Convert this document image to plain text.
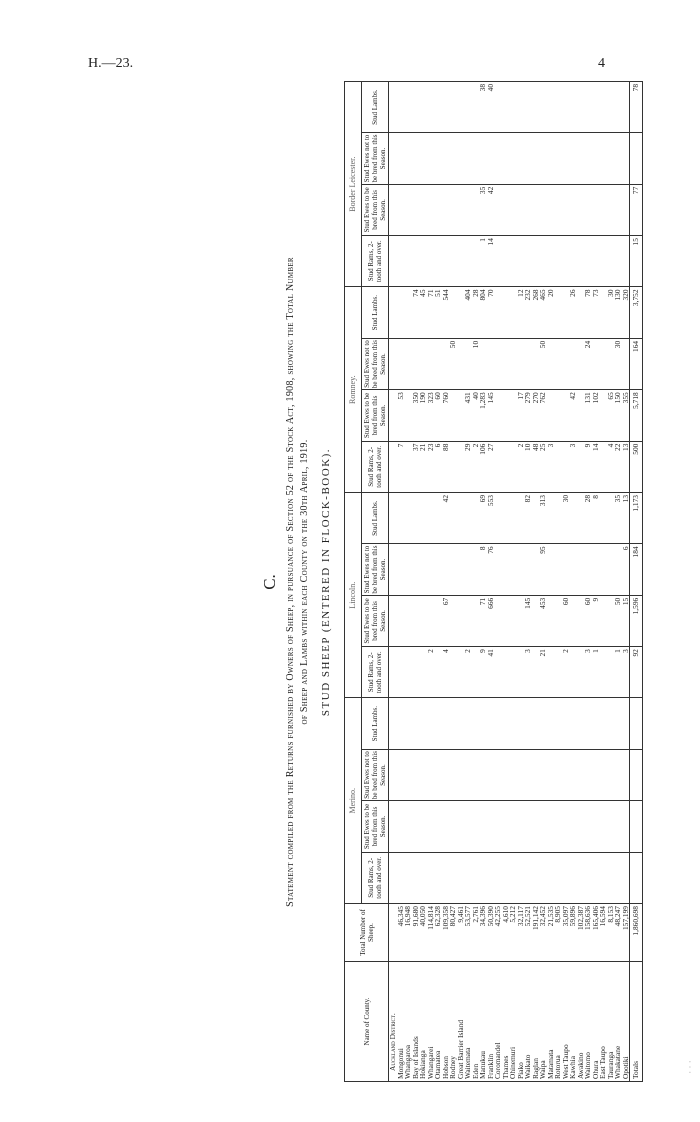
H.—23.	4
C. Statement compiled from the Returns furnished by Owners of Sheep, in pursuance of Section 52 of the Stock Act, 1908, showing the Total Number of Sheep and Lambs within each County on the 30th April, 1919. STUD SHEEP (ENTERED IN FLOCK-BOOK).
Name of County.	Total Number of Sheep.	Merino.				Lincoln.				Romney.				Border Leicester.			
		Stud Rams, 2-tooth and over.	Stud Ewes to be bred from this Season.	Stud Ewes not to be bred from this Season.	Stud Lambs.	Stud Rams, 2-tooth and over.	Stud Ewes to be bred from this Season.	Stud Ewes not to be bred from this Season.	Stud Lambs.	Stud Rams, 2-tooth and over.	Stud Ewes to be bred from this Season.	Stud Ewes not to be bred from this Season.	Stud Lambs.	Stud Rams, 2-tooth and over.	Stud Ewes to be bred from this Season.	Stud Ewes not to be bred from this Season.	Stud Lambs.
Auckland District.																	
Mongonui	46,345									7	53						
Whangaroa	16,948																
Bay of Islands	91,680									37	350		74				
Hokianga	40,050									21	190		45				
Whangarei	114,814					2				23	323		71				
Otamatea	62,328									6	60		51				
Hobson	109,358					4	67		42	88	760		544				
Rodney	80,427											50					
Great Barrier Island	9,461																
Waitemata	53,577					2				29	431		404				
Eden	2,761									2	40	10	28				
Manukau	34,396					9	71	8	69	106	1,283		804	1	35		38
Franklin	50,390					41	666	76	553	27	145		70	14	42		40
Coromandel	42,255																
Thames	4,610																
Ohinemuri	5,212																
Piako	32,117									2	17		12				
Waikato	52,521					3	145		82	10	279		232				
Raglan	191,142									48	270		268				
Waipa	32,452					21	453	95	313	25	762	50	465				
Matamata	21,535									3			20				
Rotorua	8,905																
West Taupo	35,097					2	60		30								
Kawhia	59,896									3	42		26				
Awakino	102,387																
Waitomo	158,636					3	60		28	9	131	24	78				
Ohura	165,406					1	9		8	14	102		73				
East Taupo	16,594																
Tauranga	8,153									4	65		30				
Whakatane	48,247					1	50		35	22	150	30	130				
Opotiki	157,199					3	15	6	13	13	355		320				
Totals	1,860,698					92	1,596	184	1,173	500	5,718	164	3,752	15	77		78
· · ·
